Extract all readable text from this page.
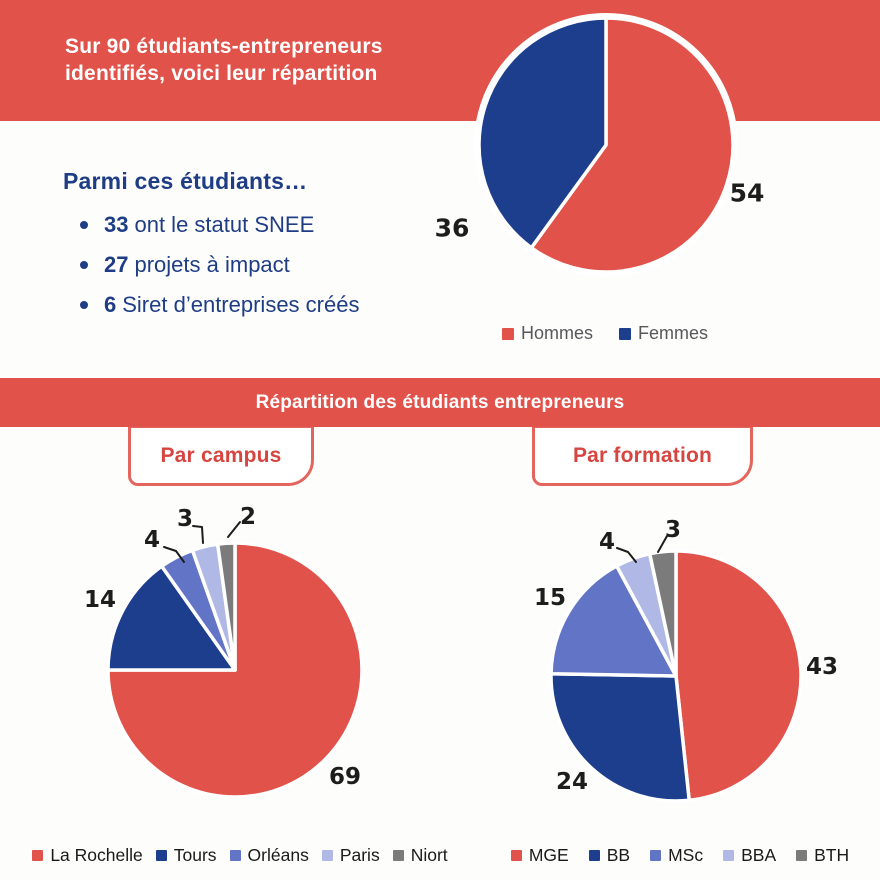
Sur 90 étudiants-entrepreneurs
identifiés, voici leur répartition
54
36
Parmi ces étudiants…
33 ont le statut SNEE
27 projets à impact
6 Siret d’entreprises créés
Hommes	Femmes
Répartition des étudiants entrepreneurs
Par campus	Par formation
69
14
4
3 2
43
24
15
4 3
La Rochelle Tours Orléans Paris Niort	MGE BB MSc BBA BTH
